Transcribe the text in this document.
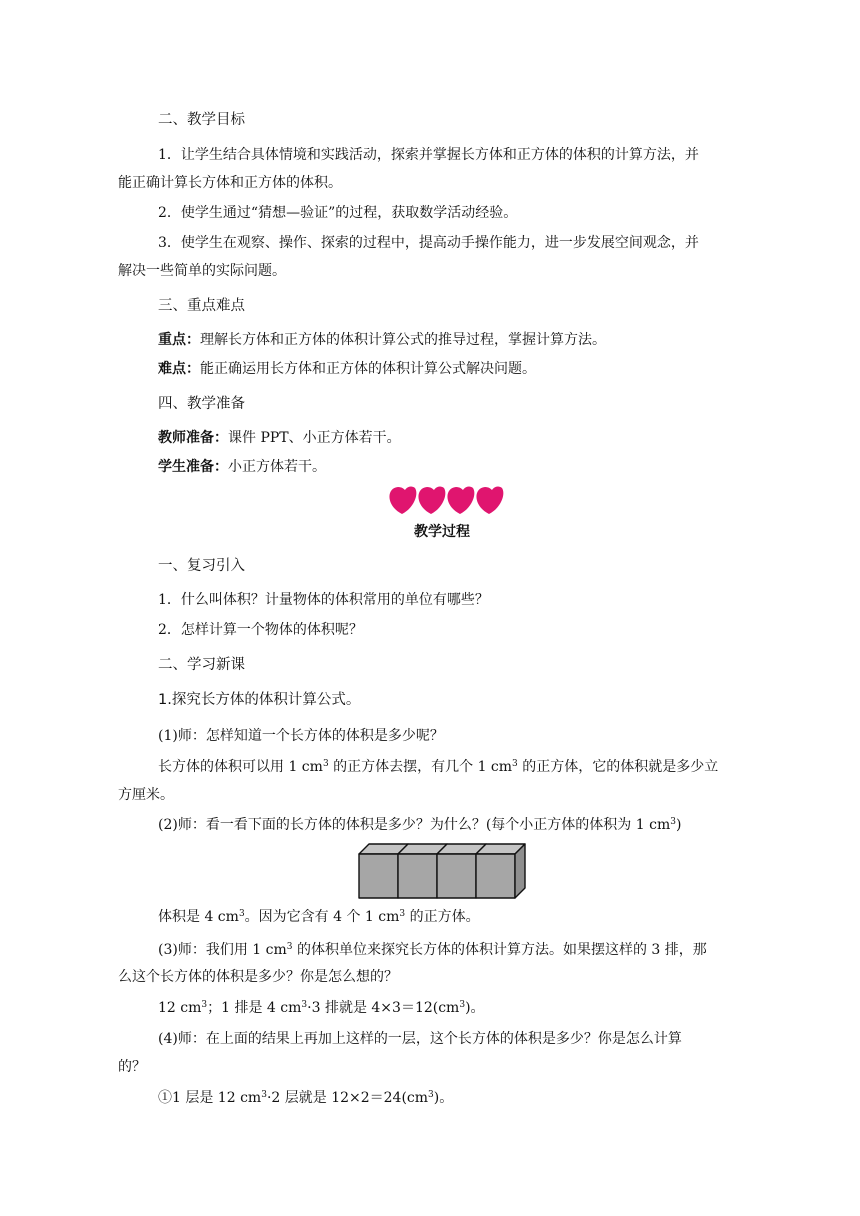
二、教学目标
1．让学生结合具体情境和实践活动，探索并掌握长方体和正方体的体积的计算方法，并
能正确计算长方体和正方体的体积。
2．使学生通过“猜想—验证”的过程，获取数学活动经验。
3．使学生在观察、操作、探索的过程中，提高动手操作能力，进一步发展空间观念，并
解决一些简单的实际问题。
三、重点难点
重点：理解长方体和正方体的体积计算公式的推导过程，掌握计算方法。
难点：能正确运用长方体和正方体的体积计算公式解决问题。
四、教学准备
教师准备：课件 PPT、小正方体若干。
学生准备：小正方体若干。
教学过程
一、复习引入
1．什么叫体积？计量物体的体积常用的单位有哪些？
2．怎样计算一个物体的体积呢？
二、学习新课
1.探究长方体的体积计算公式。
(1)师：怎样知道一个长方体的体积是多少呢？
长方体的体积可以用 1 $cm^3$ 的正方体去摆，有几个 1 $cm^3$ 的正方体，它的体积就是多少立
方厘米。
(2)师：看一看下面的长方体的体积是多少？为什么？(每个小正方体的体积为 1 $cm^3$)
体积是 4 $cm^3$。因为它含有 4 个 1 $cm^3$ 的正方体。
(3)师：我们用 1 $cm^3$ 的体积单位来探究长方体的体积计算方法。如果摆这样的 3 排，那
么这个长方体的体积是多少？你是怎么想的？
12 $cm^3$；1 排是 4 $cm^3\cdot 3$ 排就是 $4\times 3=12(cm^3)$。
(4)师：在上面的结果上再加上这样的一层，这个长方体的体积是多少？你是怎么计算
的？
①1 层是 12 $cm^3\cdot 2$ 层就是 $12\times 2=24(cm^3)$。
